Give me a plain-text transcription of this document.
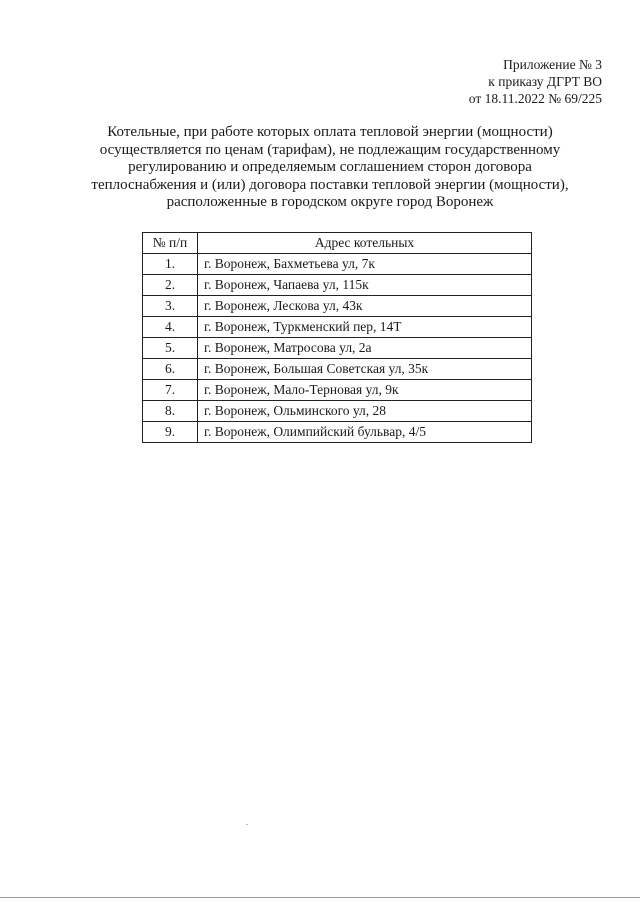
Приложение № 3
к приказу ДГРТ ВО
от 18.11.2022 № 69/225
Котельные, при работе которых оплата тепловой энергии (мощности)
осуществляется по ценам (тарифам), не подлежащим государственному
регулированию и определяемым соглашением сторон договора
теплоснабжения и (или) договора поставки тепловой энергии (мощности),
расположенные в городском округе город Воронеж
№ п/п	Адрес котельных
1.	г. Воронеж, Бахметьева ул, 7к
2.	г. Воронеж, Чапаева ул, 115к
3.	г. Воронеж, Лескова ул, 43к
4.	г. Воронеж, Туркменский пер, 14Т
5.	г. Воронеж, Матросова ул, 2а
6.	г. Воронеж, Большая Советская ул, 35к
7.	г. Воронеж, Мало-Терновая ул, 9к
8.	г. Воронеж, Ольминского ул, 28
9.	г. Воронеж, Олимпийский бульвар, 4/5
